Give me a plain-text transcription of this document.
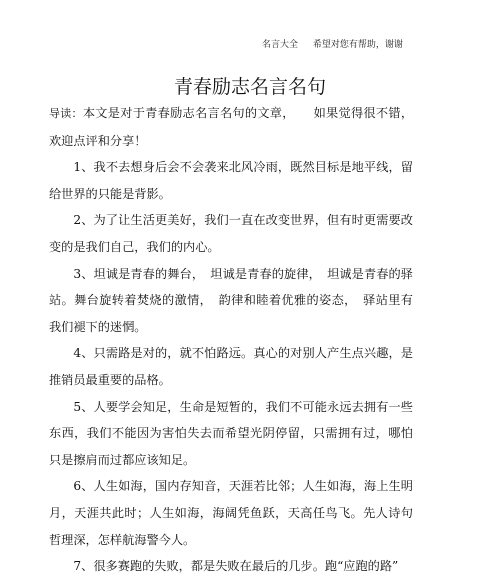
名言大全 希望对您有帮助，谢谢
青春励志名言名句

导读：本文是对于青春励志名言名句的文章，　　如果觉得很不错，欢迎点评和分享！

1、我不去想身后会不会袭来北风冷雨，既然目标是地平线，留给世界的只能是背影。

2、为了让生活更美好，我们一直在改变世界，但有时更需要改变的是我们自己，我们的内心。

3、坦诚是青春的舞台，　坦诚是青春的旋律，　坦诚是青春的驿站。舞台旋转着焚烧的激情，　韵律和睦着优雅的姿态，　驿站里有我们褪下的迷惘。

4、只需路是对的，就不怕路远。真心的对别人产生点兴趣，是推销员最重要的品格。

5、人要学会知足，生命是短暂的，我们不可能永远去拥有一些东西，我们不能因为害怕失去而希望光阴停留，只需拥有过，哪怕只是擦肩而过都应该知足。

6、人生如海，国内存知音，天涯若比邻；人生如海，海上生明月，天涯共此时；人生如海，海阔凭鱼跃，天高任鸟飞。先人诗句哲理深，怎样航海警今人。

7、很多赛跑的失败，都是失败在最后的几步。跑“应跑的路”
